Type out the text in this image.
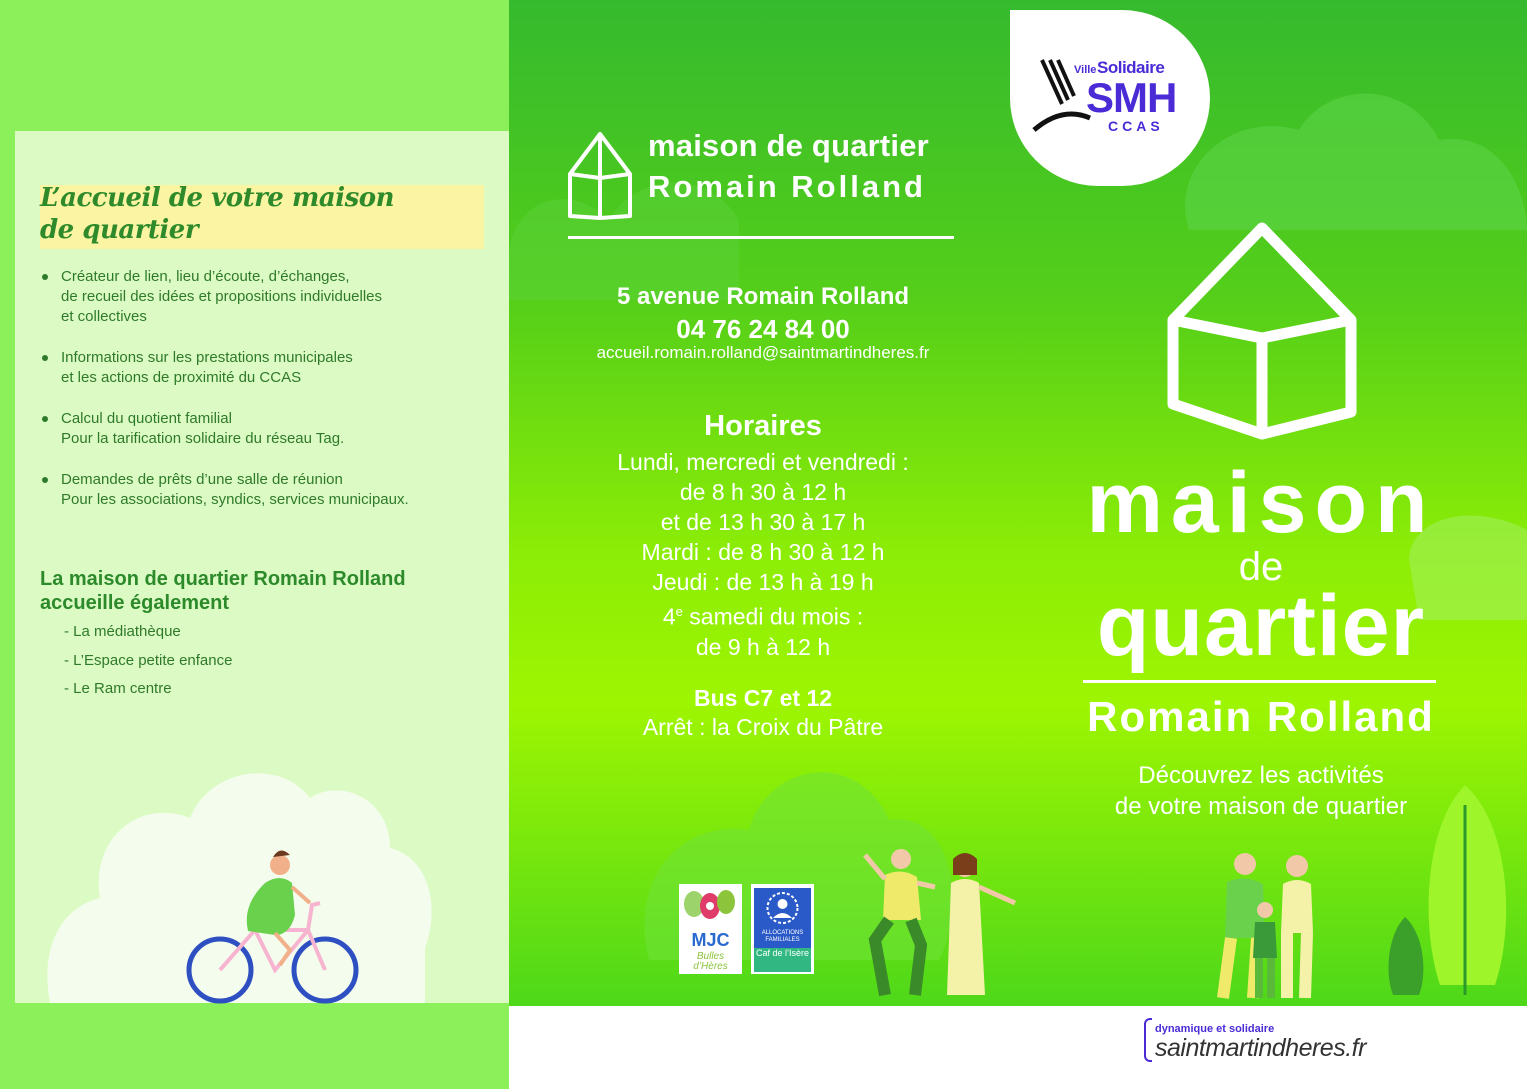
L’accueil de votre maison
de quartier
Créateur de lien, lieu d’écoute, d’échanges,
de recueil des idées et propositions individuelles
et collectives
Informations sur les prestations municipales
et les actions de proximité du CCAS
Calcul du quotient familial
Pour la tarification solidaire du réseau Tag.
Demandes de prêts d’une salle de réunion
Pour les associations, syndics, services municipaux.
La maison de quartier Romain Rolland
accueille également
- La médiathèque
- L’Espace petite enfance
- Le Ram centre
maison de quartier
Romain Rolland
5 avenue Romain Rolland
04 76 24 84 00
accueil.romain.rolland@saintmartindheres.fr
Horaires
Lundi, mercredi et vendredi :
de 8 h 30 à 12 h
et de 13 h 30 à 17 h
Mardi : de 8 h 30 à 12 h
Jeudi : de 13 h à 19 h
4e samedi du mois :
de 9 h à 12 h
Bus C7 et 12
Arrêt : la Croix du Pâtre
MJC
Bulles d’Hères
ALLOCATIONS FAMILIALES
Caf de l’Isère
maison
de
quartier
Romain Rolland
Découvrez les activités
de votre maison de quartier
Ville Solidaire
SMH
CCAS
dynamique et solidaire
saintmartindheres.fr
